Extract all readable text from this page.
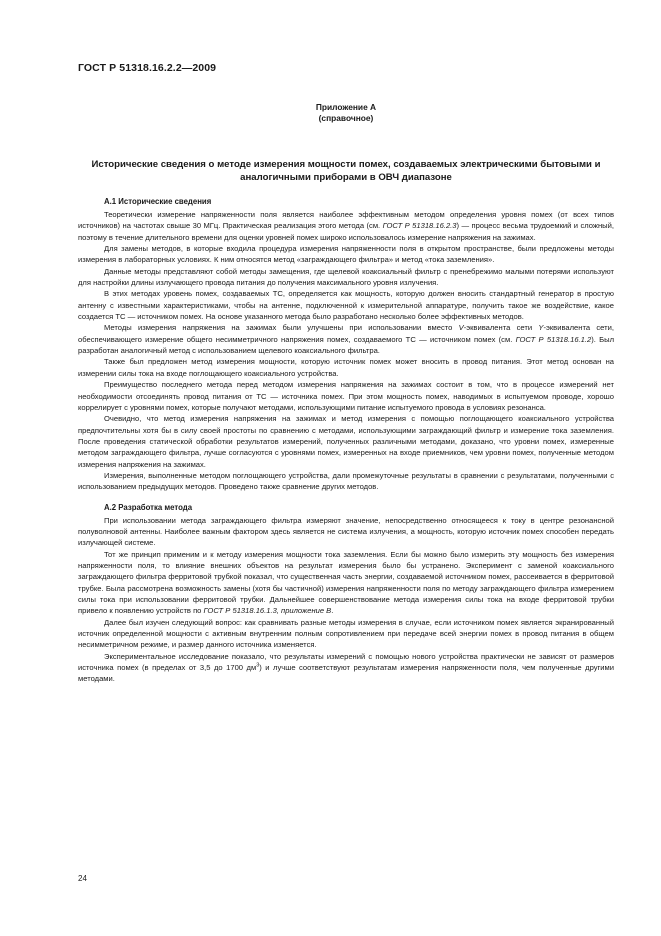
ГОСТ Р 51318.16.2.2—2009
Приложение А
(справочное)
Исторические сведения о методе измерения мощности помех, создаваемых электрическими бытовыми и аналогичными приборами в ОВЧ диапазоне
А.1 Исторические сведения

Теоретически измерение напряженности поля является наиболее эффективным методом определения уровня помех (от всех типов источников) на частотах свыше 30 МГц. Практическая реализация этого метода (см. ГОСТ Р 51318.16.2.3) — процесс весьма трудоемкий и сложный, поэтому в течение длительного времени для оценки уровней помех широко использовалось измерение напряжения на зажимах.

Для замены методов, в которые входила процедура измерения напряженности поля в открытом пространстве, были предложены методы измерения в лабораторных условиях. К ним относятся метод «заграждающего фильтра» и метод «тока заземления».

Данные методы представляют собой методы замещения, где щелевой коаксиальный фильтр с пренебрежимо малыми потерями используют для настройки длины излучающего провода питания до получения максимального уровня излучения.

В этих методах уровень помех, создаваемых ТС, определяется как мощность, которую должен вносить стандартный генератор в простую антенну с известными характеристиками, чтобы на антенне, подключенной к измерительной аппаратуре, получить такое же воздействие, какое создается ТС — источником помех. На основе указанного метода было разработано несколько более эффективных методов.

Методы измерения напряжения на зажимах были улучшены при использовании вместо V-эквивалента сети Y-эквивалента сети, обеспечивающего измерение общего несимметричного напряжения помех, создаваемого ТС — источником помех (см. ГОСТ Р 51318.16.1.2). Был разработан аналогичный метод с использованием щелевого коаксиального фильтра.

Также был предложен метод измерения мощности, которую источник помех может вносить в провод питания. Этот метод основан на измерении силы тока на входе поглощающего коаксиального устройства.

Преимущество последнего метода перед методом измерения напряжения на зажимах состоит в том, что в процессе измерений нет необходимости отсоединять провод питания от ТС — источника помех. При этом мощность помех, наводимых в испытуемом проводе, хорошо коррелирует с уровнями помех, которые получают методами, использующими питание испытуемого провода в условиях резонанса.

Очевидно, что метод измерения напряжения на зажимах и метод измерения с помощью поглощающего коаксиального устройства предпочтительны хотя бы в силу своей простоты по сравнению с методами, использующими заграждающий фильтр и измерение тока заземления. После проведения статической обработки результатов измерений, полученных различными методами, доказано, что уровни помех, измеренные методом заграждающего фильтра, лучше согласуются с уровнями помех, измеренных на входе приемников, чем уровни помех, полученные методом измерения напряжения на зажимах.

Измерения, выполненные методом поглощающего устройства, дали промежуточные результаты в сравнении с результатами, полученными с использованием предыдущих методов. Проведено также сравнение других методов.

А.2 Разработка метода

При использовании метода заграждающего фильтра измеряют значение, непосредственно относящееся к току в центре резонансной полуволновой антенны. Наиболее важным фактором здесь является не система излучения, а мощность, которую источник помех способен передать излучающей системе.

Тот же принцип применим и к методу измерения мощности тока заземления. Если бы можно было измерить эту мощность без измерения напряженности поля, то влияние внешних объектов на результат измерения было бы устранено. Эксперимент с заменой коаксиального заграждающего фильтра ферритовой трубкой показал, что существенная часть энергии, создаваемой источником помех, рассеивается в ферритовой трубке. Была рассмотрена возможность замены (хотя бы частичной) измерения напряженности поля по методу заграждающего фильтра измерением силы тока при использовании ферритовой трубки. Дальнейшее совершенствование метода измерения силы тока на входе ферритовой трубки привело к появлению устройств по ГОСТ Р 51318.16.1.3, приложение В.

Далее был изучен следующий вопрос: как сравнивать разные методы измерения в случае, если источником помех является экранированный источник определенной мощности с активным внутренним полным сопротивлением при передаче всей энергии помех в провод питания в общем несимметричном режиме, и размер данного источника изменяется.

Экспериментальное исследование показало, что результаты измерений с помощью нового устройства практически не зависят от размеров источника помех (в пределах от 3,5 до 1700 $дм^3$) и лучше соответствуют результатам измерения напряженности поля, чем полученные другими методами.

24
